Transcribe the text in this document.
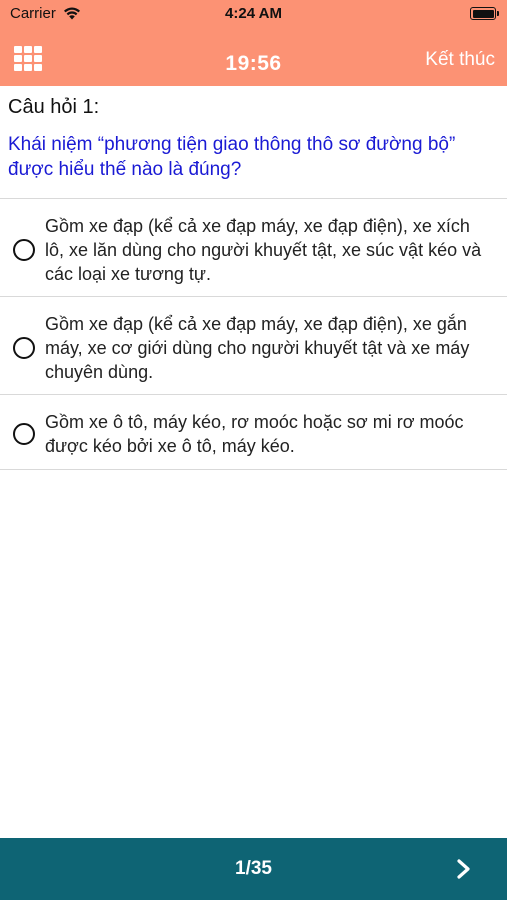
Carrier	4:24 AM
19:56	Kết thúc
Câu hỏi 1:
Khái niệm “phương tiện giao thông thô sơ đường bộ” được hiểu thế nào là đúng?
Gồm xe đạp (kể cả xe đạp máy, xe đạp điện), xe xích lô, xe lăn dùng cho người khuyết tật, xe súc vật kéo và các loại xe tương tự.
Gồm xe đạp (kể cả xe đạp máy, xe đạp điện), xe gắn máy, xe cơ giới dùng cho người khuyết tật và xe máy chuyên dùng.
Gồm xe ô tô, máy kéo, rơ moóc hoặc sơ mi rơ moóc được kéo bởi xe ô tô, máy kéo.
1/35
